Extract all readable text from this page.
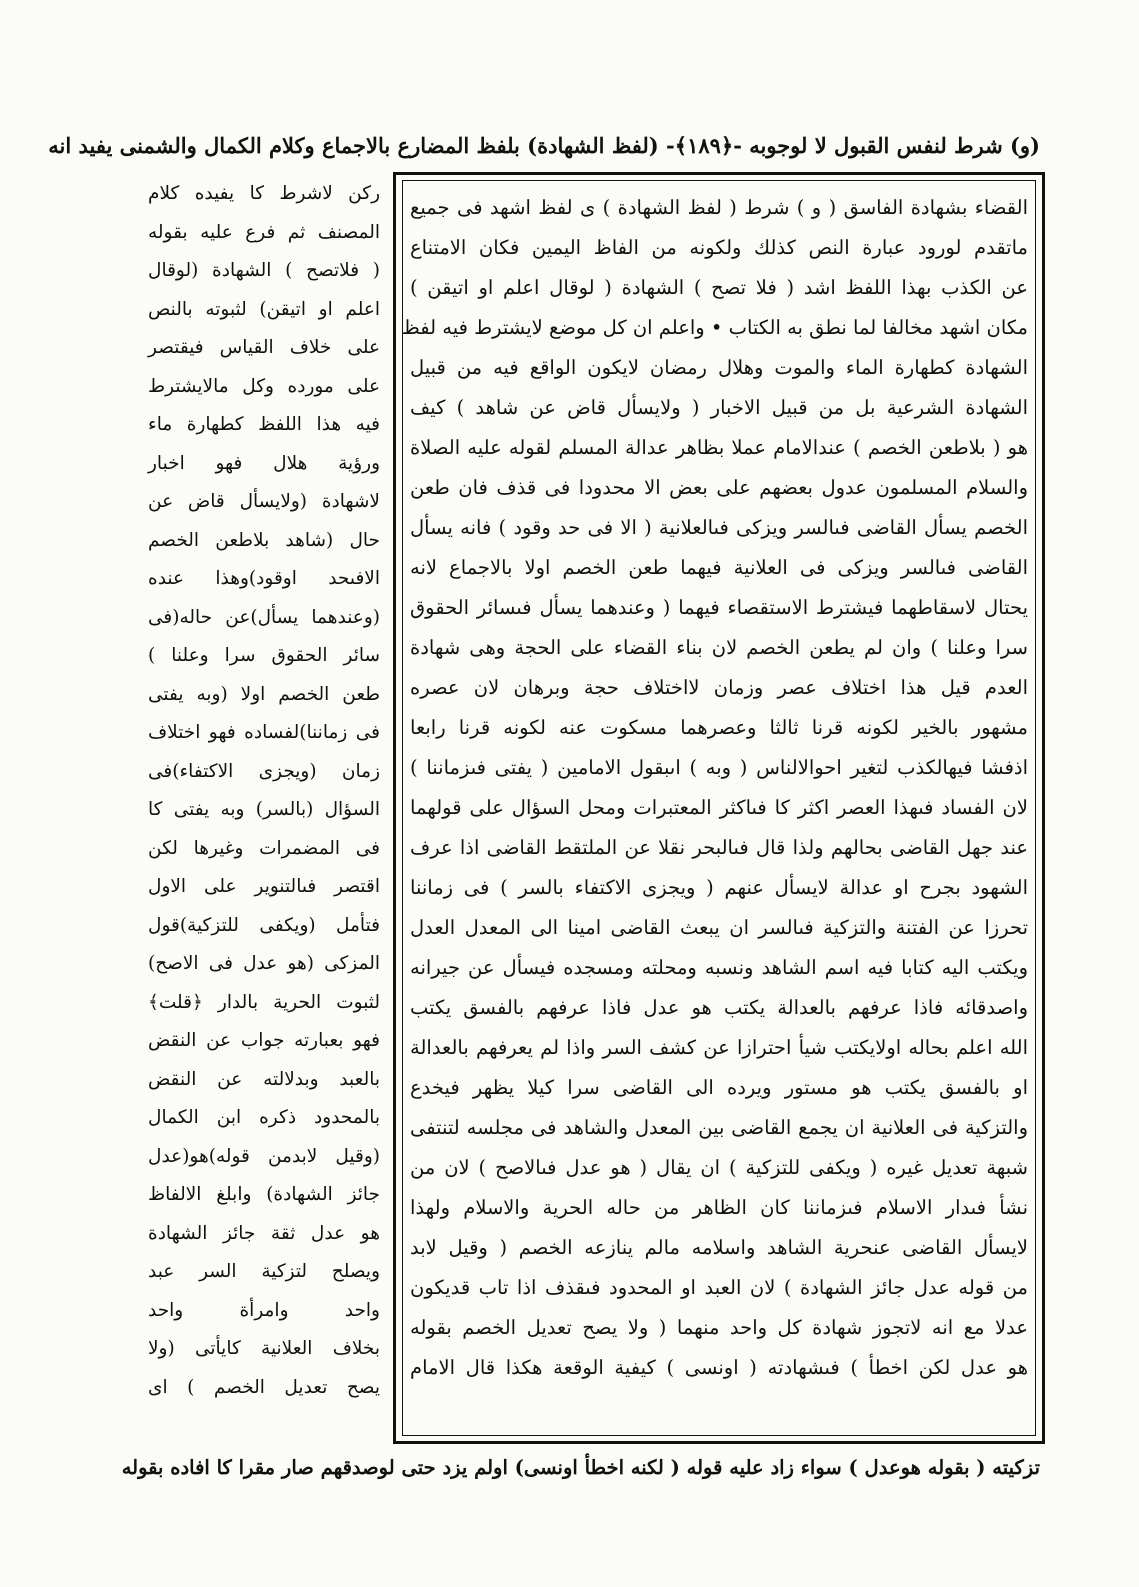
(و) شرط لنفس القبول لا لوجوبه -﴿١٨٩﴾- (لفظ الشهادة) بلفظ المضارع بالاجماع وكلام الكمال والشمنى يفيد انه
القضاء بشهادة الفاسق ( و ) شرط ( لفظ الشهادة ) ى لفظ اشهد فى جميع
ماتقدم لورود عبارة النص كذلك ولكونه من الفاظ اليمين فكان الامتناع
عن الكذب بهذا اللفظ اشد ( فلا تصح ) الشهادة ( لوقال اعلم او اتيقن )
مكان اشهد مخالفا لما نطق به الكتاب • واعلم ان كل موضع لايشترط فيه لفظ
الشهادة كطهارة الماء والموت وهلال رمضان لايكون الواقع فيه من قبيل
الشهادة الشرعية بل من قبيل الاخبار ( ولايسأل قاض عن شاهد ) كيف
هو ( بلاطعن الخصم ) عندالامام عملا بظاهر عدالة المسلم لقوله عليه الصلاة
والسلام المسلمون عدول بعضهم على بعض الا محدودا فى قذف فان طعن
الخصم يسأل القاضى فىالسر ويزكى فىالعلانية ( الا فى حد وقود ) فانه يسأل
القاضى فىالسر ويزكى فى العلانية فيهما طعن الخصم اولا بالاجماع لانه
يحتال لاسقاطهما فيشترط الاستقصاء فيهما ( وعندهما يسأل فىسائر الحقوق
سرا وعلنا ) وان لم يطعن الخصم لان بناء القضاء على الحجة وهى شهادة
العدم قيل هذا اختلاف عصر وزمان لااختلاف حجة وبرهان لان عصره
مشهور بالخير لكونه قرنا ثالثا وعصرهما مسكوت عنه لكونه قرنا رابعا
اذفشا فيهالكذب لتغير احوالالناس ( وبه ) اىبقول الامامين ( يفتى فىزماننا )
لان الفساد فىهذا العصر اكثر كا فىاكثر المعتبرات ومحل السؤال على قولهما
عند جهل القاضى بحالهم ولذا قال فىالبحر نقلا عن الملتقط القاضى اذا عرف
الشهود بجرح او عدالة لايسأل عنهم ( ويجزى الاكتفاء بالسر ) فى زماننا
تحرزا عن الفتنة والتزكية فىالسر ان يبعث القاضى امينا الى المعدل العدل
ويكتب اليه كتابا فيه اسم الشاهد ونسبه ومحلته ومسجده فيسأل عن جيرانه
واصدقائه فاذا عرفهم بالعدالة يكتب هو عدل فاذا عرفهم بالفسق يكتب
الله اعلم بحاله اولايكتب شيأ احترازا عن كشف السر واذا لم يعرفهم بالعدالة
او بالفسق يكتب هو مستور ويرده الى القاضى سرا كيلا يظهر فيخدع
والتزكية فى العلانية ان يجمع القاضى بين المعدل والشاهد فى مجلسه لتنتفى
شبهة تعديل غيره ( ويكفى للتزكية ) ان يقال ( هو عدل فىالاصح ) لان من
نشأ فىدار الاسلام فىزماننا كان الظاهر من حاله الحرية والاسلام ولهذا
لايسأل القاضى عنحرية الشاهد واسلامه مالم ينازعه الخصم ( وقيل لابد
من قوله عدل جائز الشهادة ) لان العبد او المحدود فىقذف اذا تاب قديكون
عدلا مع انه لاتجوز شهادة كل واحد منهما ( ولا يصح تعديل الخصم بقوله
هو عدل لكن اخطأ ) فىشهادته ( اونسى ) كيفية الوقعة هكذا قال الامام
ركن لاشرط كا يفيده كلام
المصنف ثم فرع عليه بقوله
( فلاتصح ) الشهادة (لوقال
اعلم او اتيقن) لثبوته بالنص
على خلاف القياس فيقتصر
على مورده وكل مالايشترط
فيه هذا اللفظ كطهارة ماء
ورؤية هلال فهو اخبار
لاشهادة (ولايسأل قاض عن
حال (شاهد بلاطعن الخصم
الافىحد اوقود)وهذا عنده
(وعندهما يسأل)عن حاله(فى
سائر الحقوق سرا وعلنا )
طعن الخصم اولا (وبه يفتى
فى زماننا)لفساده فهو اختلاف
زمان (ويجزى الاكتفاء)فى
السؤال (بالسر) وبه يفتى كا
فى المضمرات وغيرها لكن
اقتصر فىالتنوير على الاول
فتأمل (ويكفى للتزكية)قول
المزكى (هو عدل فى الاصح)
لثبوت الحرية بالدار ﴿قلت﴾
فهو بعبارته جواب عن النقض
بالعبد وبدلالته عن النقض
بالمحدود ذكره ابن الكمال
(وقيل لابدمن قوله)هو(عدل
جائز الشهادة) وابلغ الالفاظ
هو عدل ثقة جائز الشهادة
ويصلح لتزكية السر عبد
واحد وامرأة واحد
بخلاف العلانية كايأتى (ولا
يصح تعديل الخصم ) اى
تزكيته ( بقوله هوعدل ) سواء زاد عليه قوله ( لكنه اخطأ اونسى) اولم يزد حتى لوصدقهم صار مقرا كا افاده بقوله
